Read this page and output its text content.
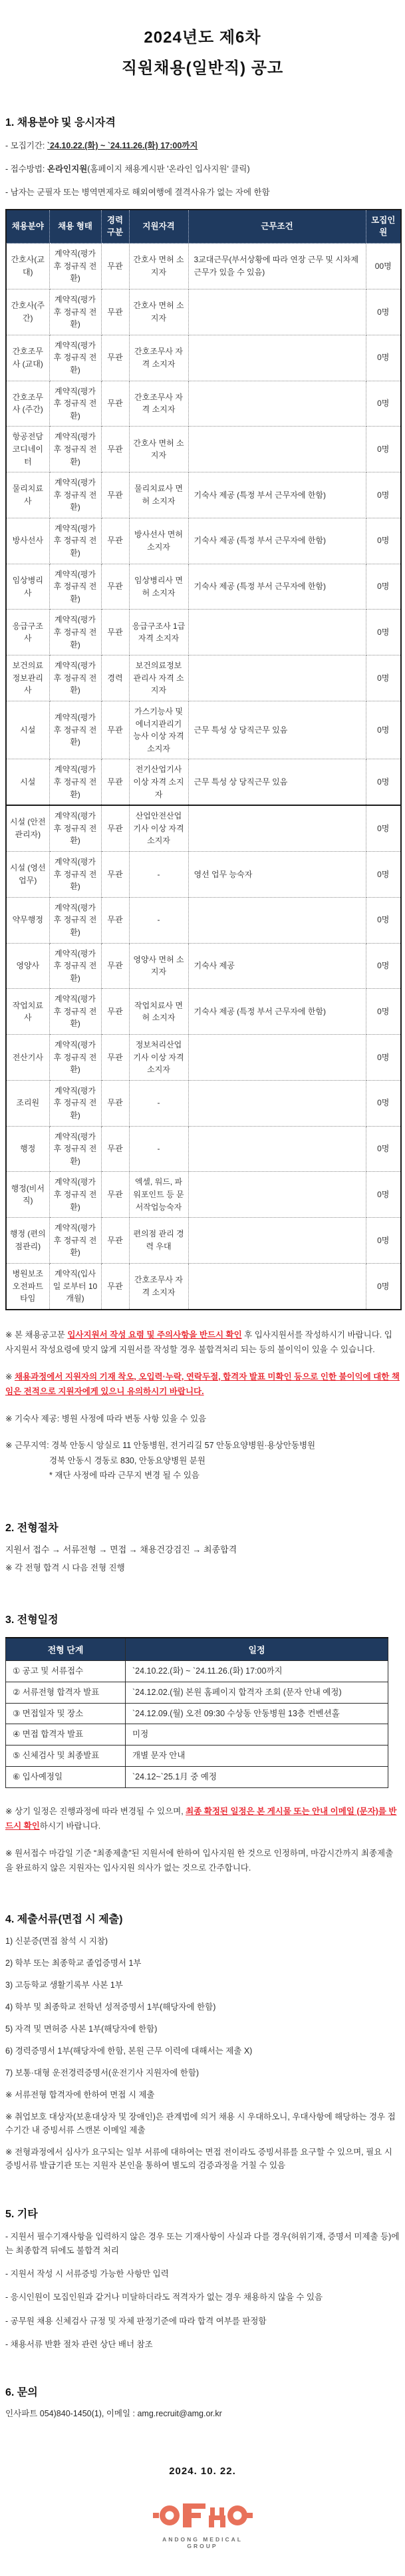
2024년도 제6차
직원채용(일반직) 공고
1. 채용분야 및 응시자격
- 모집기간: `24.10.22.(화) ~ `24.11.26.(화) 17:00까지
- 접수방법: 온라인지원(홈페이지 채용게시판 '온라인 입사지원' 클릭)
- 남자는 군필자 또는 병역면제자로 해외여행에 결격사유가 없는 자에 한함
채용분야	채용 형태	경력 구분	지원자격	근무조건	모집인원
간호사(교대)	계약직(평가 후 정규직 전환)	무관	간호사 면허 소지자	3교대근무(부서상황에 따라 연장 근무 및 시차제 근무가 있을 수 있음)	00명
간호사(주간)	계약직(평가 후 정규직 전환)	무관	간호사 면허 소지자		0명
간호조무사 (교대)	계약직(평가 후 정규직 전환)	무관	간호조무사 자격 소지자		0명
간호조무사 (주간)	계약직(평가 후 정규직 전환)	무관	간호조무사 자격 소지자		0명
항공전담 코디네이터	계약직(평가 후 정규직 전환)	무관	간호사 면허 소지자		0명
물리치료사	계약직(평가 후 정규직 전환)	무관	물리치료사 면허 소지자	기숙사 제공 (특정 부서 근무자에 한함)	0명
방사선사	계약직(평가 후 정규직 전환)	무관	방사선사 면허 소지자	기숙사 제공 (특정 부서 근무자에 한함)	0명
임상병리사	계약직(평가 후 정규직 전환)	무관	임상병리사 면허 소지자	기숙사 제공 (특정 부서 근무자에 한함)	0명
응급구조사	계약직(평가 후 정규직 전환)	무관	응급구조사 1급 자격 소지자		0명
보건의료 정보관리사	계약직(평가 후 정규직 전환)	경력	보건의료정보관리사 자격 소지자		0명
시설	계약직(평가 후 정규직 전환)	무관	가스기능사 및 에너지관리기능사 이상 자격 소지자	근무 특성 상 당직근무 있음	0명
시설	계약직(평가 후 정규직 전환)	무관	전기산업기사 이상 자격 소지자	근무 특성 상 당직근무 있음	0명
시설 (안전관리자)	계약직(평가 후 정규직 전환)	무관	산업안전산업기사 이상 자격 소지자		0명
시설 (영선업무)	계약직(평가 후 정규직 전환)	무관	-	영선 업무 능숙자	0명
약무행정	계약직(평가 후 정규직 전환)	무관	-		0명
영양사	계약직(평가 후 정규직 전환)	무관	영양사 면허 소지자	기숙사 제공	0명
작업치료사	계약직(평가 후 정규직 전환)	무관	작업치료사 면허 소지자	기숙사 제공 (특정 부서 근무자에 한함)	0명
전산기사	계약직(평가 후 정규직 전환)	무관	정보처리산업 기사 이상 자격소지자		0명
조리원	계약직(평가 후 정규직 전환)	무관	-		0명
행정	계약직(평가 후 정규직 전환)	무관	-		0명
행정(비서직)	계약직(평가 후 정규직 전환)	무관	엑셀, 워드, 파워포인트 등 문서작업능숙자		0명
행정 (편의점관리)	계약직(평가 후 정규직 전환)	무관	편의점 관리 경력 우대		0명
병원보조 오전파트타임	계약직(입사일 로부터 10개월)	무관	간호조무사 자격 소지자		0명
※ 본 채용공고문 입사지원서 작성 요령 및 주의사항을 반드시 확인 후 입사지원서를 작성하시기 바랍니다. 입사지원서 작성요령에 맞지 않게 지원서를 작성할 경우 불합격처리 되는 등의 불이익이 있을 수 있습니다.
※ 채용과정에서 지원자의 기재 착오, 오입력·누락, 연락두절, 합격자 발표 미확인 등으로 인한 불이익에 대한 책임은 전적으로 지원자에게 있으니 유의하시기 바랍니다.
※ 기숙사 제공: 병원 사정에 따라 변동 사항 있을 수 있음
※ 근무지역: 경북 안동시 앙실로 11 안동병원, 전거리길 57 안동요양병원·용상안동병원
경북 안동시 경동로 830, 안동요양병원 분원
* 재단 사정에 따라 근무지 변경 될 수 있음
2. 전형절차
지원서 접수 → 서류전형 → 면접 → 채용건강검진 → 최종합격
※ 각 전형 합격 시 다음 전형 진행
3. 전형일정
전형 단계	일정
① 공고 및 서류접수	`24.10.22.(화) ~ `24.11.26.(화) 17:00까지
② 서류전형 합격자 발표	`24.12.02.(월) 본원 홈페이지 합격자 조회 (문자 안내 예정)
③ 면접일자 및 장소	`24.12.09.(월) 오전 09:30 수상동 안동병원 13층 컨벤션홀
④ 면접 합격자 발표	미정
⑤ 신체검사 및 최종발표	개별 문자 안내
⑥ 입사예정일	`24.12~`25.1月 중 예정
※ 상기 일정은 진행과정에 따라 변경될 수 있으며, 최종 확정된 일정은 본 게시물 또는 안내 이메일 (문자)를 반드시 확인하시기 바랍니다.
※ 원서접수 마감일 기준 “최종제출”된 지원서에 한하여 입사지원 한 것으로 인정하며, 마감시간까지 최종제출을 완료하지 않은 지원자는 입사지원 의사가 없는 것으로 간주합니다.
4. 제출서류(면접 시 제출)
1) 신분증(면접 참석 시 지참)
2) 학부 또는 최종학교 졸업증명서 1부
3) 고등학교 생활기록부 사본 1부
4) 학부 및 최종학교 전학년 성적증명서 1부(해당자에 한함)
5) 자격 및 면허증 사본 1부(해당자에 한함)
6) 경력증명서 1부(해당자에 한함, 본원 근무 이력에 대해서는 제출 X)
7) 보통·대형 운전경력증명서(운전기사 지원자에 한함)
※ 서류전형 합격자에 한하여 면접 시 제출
※ 취업보호 대상자(보훈대상자 및 장애인)은 관계법에 의거 채용 시 우대하오니, 우대사항에 해당하는 경우 접수기간 내 증빙서류 스캔본 이메일 제출
※ 전형과정에서 심사가 요구되는 일부 서류에 대하여는 면접 전이라도 증빙서류를 요구할 수 있으며, 필요 시 증빙서류 발급기관 또는 지원자 본인을 통하여 별도의 검증과정을 거칠 수 있음
5. 기타
- 지원서 필수기재사항을 입력하지 않은 경우 또는 기재사항이 사실과 다를 경우(허위기재, 증명서 미제출 등)에는 최종합격 뒤에도 불합격 처리
- 지원서 작성 시 서류증빙 가능한 사항만 입력
- 응시인원이 모집인원과 같거나 미달하더라도 적격자가 없는 경우 채용하지 않을 수 있음
- 공무원 채용 신체검사 규정 및 자체 판정기준에 따라 합격 여부를 판정함
- 채용서류 반환 절차 관련 상단 배너 참조
6. 문의
인사파트 054)840-1450(1), 이메일 : amg.recruit@amg.or.kr
2024. 10. 22.
ANDONG MEDICAL GROUP
